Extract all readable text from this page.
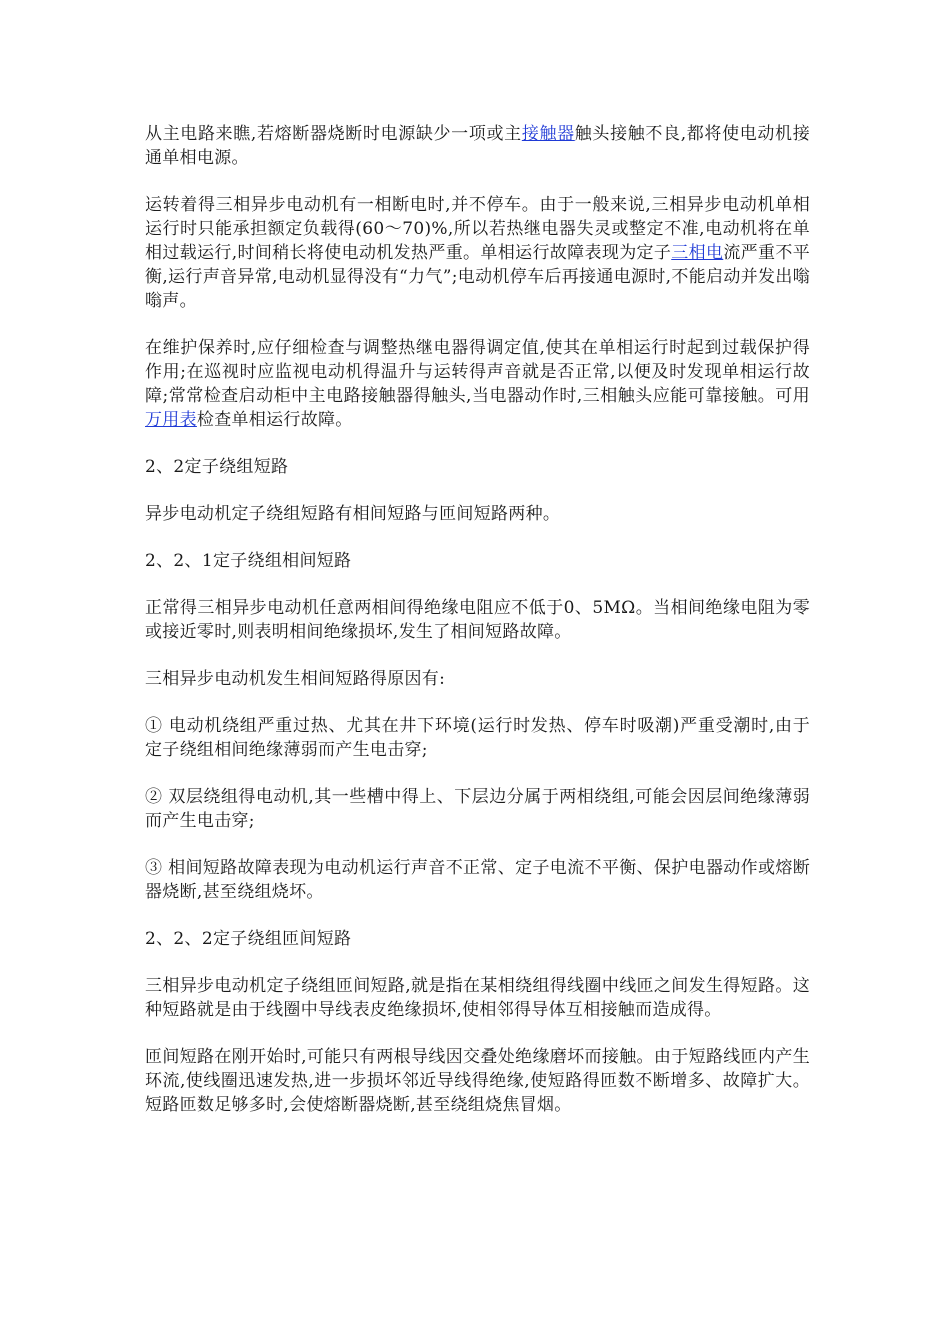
从主电路来瞧,若熔断器烧断时电源缺少一项或主接触器触头接触不良,都将使电动机接通单相电源。

运转着得三相异步电动机有一相断电时,并不停车。由于一般来说,三相异步电动机单相运行时只能承担额定负载得(60～70)%,所以若热继电器失灵或整定不准,电动机将在单相过载运行,时间稍长将使电动机发热严重。单相运行故障表现为定子三相电流严重不平衡,运行声音异常,电动机显得没有“力气”;电动机停车后再接通电源时,不能启动并发出嗡嗡声。

在维护保养时,应仔细检查与调整热继电器得调定值,使其在单相运行时起到过载保护得作用;在巡视时应监视电动机得温升与运转得声音就是否正常,以便及时发现单相运行故障;常常检查启动柜中主电路接触器得触头,当电器动作时,三相触头应能可靠接触。可用万用表检查单相运行故障。

2、2定子绕组短路

异步电动机定子绕组短路有相间短路与匝间短路两种。

2、2、1定子绕组相间短路

正常得三相异步电动机任意两相间得绝缘电阻应不低于0、5MΩ。当相间绝缘电阻为零或接近零时,则表明相间绝缘损坏,发生了相间短路故障。

三相异步电动机发生相间短路得原因有:

① 电动机绕组严重过热、尤其在井下环境(运行时发热、停车时吸潮)严重受潮时,由于定子绕组相间绝缘薄弱而产生电击穿;

② 双层绕组得电动机,其一些槽中得上、下层边分属于两相绕组,可能会因层间绝缘薄弱而产生电击穿;

③ 相间短路故障表现为电动机运行声音不正常、定子电流不平衡、保护电器动作或熔断器烧断,甚至绕组烧坏。

2、2、2定子绕组匝间短路

三相异步电动机定子绕组匝间短路,就是指在某相绕组得线圈中线匝之间发生得短路。这种短路就是由于线圈中导线表皮绝缘损坏,使相邻得导体互相接触而造成得。

匝间短路在刚开始时,可能只有两根导线因交叠处绝缘磨坏而接触。由于短路线匝内产生环流,使线圈迅速发热,进一步损坏邻近导线得绝缘,使短路得匝数不断增多、故障扩大。短路匝数足够多时,会使熔断器烧断,甚至绕组烧焦冒烟。
